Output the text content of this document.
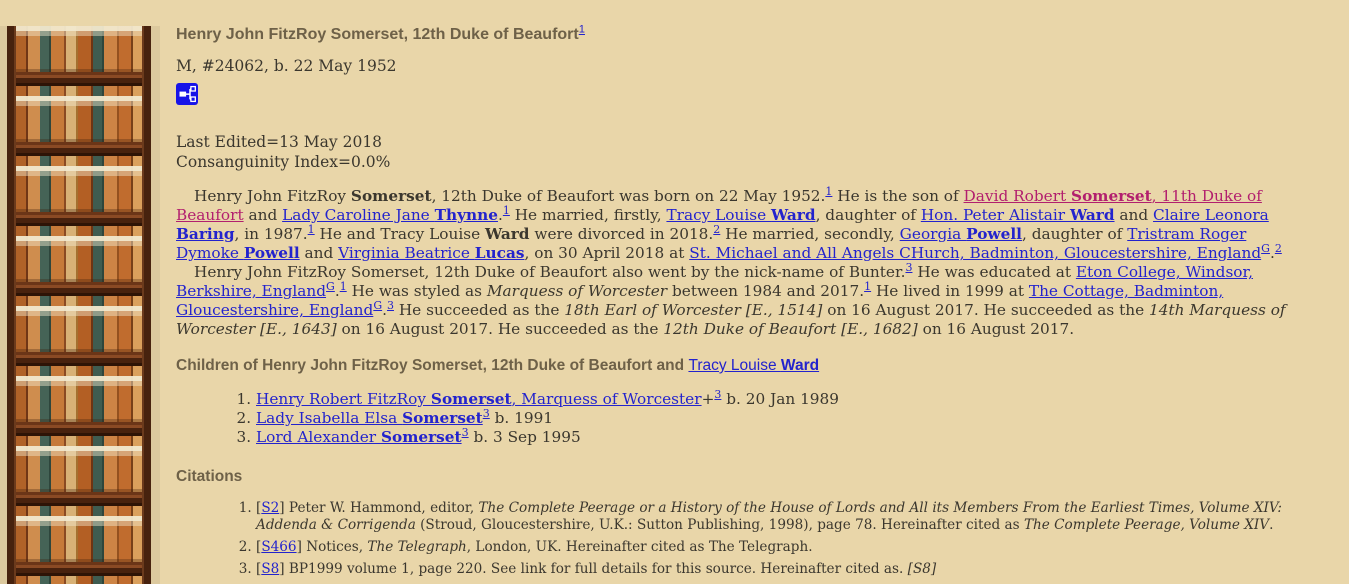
Henry John FitzRoy Somerset, 12th Duke of Beaufort$^1$

M, #24062, b. 22 May 1952

Last Edited=13 May 2018
Consanguinity Index=0.0%

Henry John FitzRoy Somerset, 12th Duke of Beaufort was born on 22 May 1952.$^1$ He is the son of David Robert Somerset, 11th Duke of Beaufort and Lady Caroline Jane Thynne.$^1$ He married, firstly, Tracy Louise Ward, daughter of Hon. Peter Alistair Ward and Claire Leonora Baring, in 1987.$^1$ He and Tracy Louise Ward were divorced in 2018.$^2$ He married, secondly, Georgia Powell, daughter of Tristram Roger Dymoke Powell and Virginia Beatrice Lucas, on 30 April 2018 at St. Michael and All Angels CHurch, Badminton, Gloucestershire, England$^G$.$^2$

Henry John FitzRoy Somerset, 12th Duke of Beaufort also went by the nick-name of Bunter.$^3$ He was educated at Eton College, Windsor, Berkshire, England$^G$.$^1$ He was styled as Marquess of Worcester between 1984 and 2017.$^1$ He lived in 1999 at The Cottage, Badminton, Gloucestershire, England$^G$.$^3$ He succeeded as the 18th Earl of Worcester [E., 1514] on 16 August 2017. He succeeded as the 14th Marquess of Worcester [E., 1643] on 16 August 2017. He succeeded as the 12th Duke of Beaufort [E., 1682] on 16 August 2017.

Children of Henry John FitzRoy Somerset, 12th Duke of Beaufort and Tracy Louise Ward
1. Henry Robert FitzRoy Somerset, Marquess of Worcester+$^3$ b. 20 Jan 1989
2. Lady Isabella Elsa Somerset$^3$ b. 1991
3. Lord Alexander Somerset$^3$ b. 3 Sep 1995
Citations
1. [S2] Peter W. Hammond, editor, The Complete Peerage or a History of the House of Lords and All its Members From the Earliest Times, Volume XIV: Addenda & Corrigenda (Stroud, Gloucestershire, U.K.: Sutton Publishing, 1998), page 78. Hereinafter cited as The Complete Peerage, Volume XIV.
2. [S466] Notices, The Telegraph, London, UK. Hereinafter cited as The Telegraph.
3. [S8] BP1999 volume 1, page 220. See link for full details for this source. Hereinafter cited as. [S8]
